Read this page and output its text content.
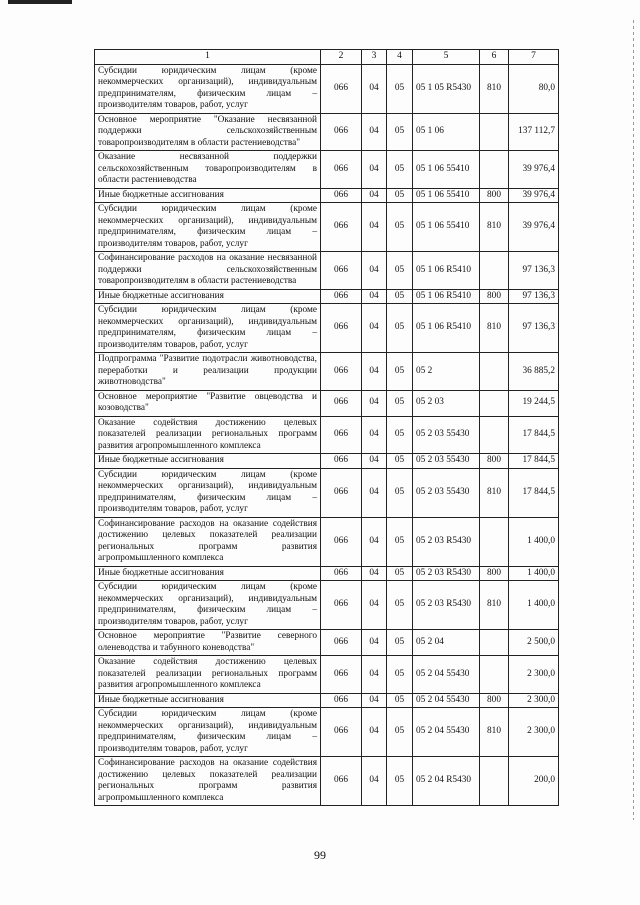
1	2	3	4	5	6	7
Субсидии юридическим лицам (кроме некоммерческих организаций), индивидуальным предпринимателям, физическим лицам – производителям товаров, работ, услуг	066	04	05	05 1 05 R5430	810	80,0
Основное мероприятие "Оказание несвязанной поддержки сельскохозяйственным товаропроизводителям в области растениеводства"	066	04	05	05 1 06		137 112,7
Оказание несвязанной поддержки сельскохозяйственным товаропроизводителям в области растениеводства	066	04	05	05 1 06 55410		39 976,4
Иные бюджетные ассигнования	066	04	05	05 1 06 55410	800	39 976,4
Субсидии юридическим лицам (кроме некоммерческих организаций), индивидуальным предпринимателям, физическим лицам – производителям товаров, работ, услуг	066	04	05	05 1 06 55410	810	39 976,4
Софинансирование расходов на оказание несвязанной поддержки сельскохозяйственным товаропроизводителям в области растениеводства	066	04	05	05 1 06 R5410		97 136,3
Иные бюджетные ассигнования	066	04	05	05 1 06 R5410	800	97 136,3
Субсидии юридическим лицам (кроме некоммерческих организаций), индивидуальным предпринимателям, физическим лицам – производителям товаров, работ, услуг	066	04	05	05 1 06 R5410	810	97 136,3
Подпрограмма "Развитие подотрасли животноводства, переработки и реализации продукции животноводства"	066	04	05	05 2		36 885,2
Основное мероприятие "Развитие овцеводства и козоводства"	066	04	05	05 2 03		19 244,5
Оказание содействия достижению целевых показателей реализации региональных программ развития агропромышленного комплекса	066	04	05	05 2 03 55430		17 844,5
Иные бюджетные ассигнования	066	04	05	05 2 03 55430	800	17 844,5
Субсидии юридическим лицам (кроме некоммерческих организаций), индивидуальным предпринимателям, физическим лицам – производителям товаров, работ, услуг	066	04	05	05 2 03 55430	810	17 844,5
Софинансирование расходов на оказание содействия достижению целевых показателей реализации региональных программ развития агропромышленного комплекса	066	04	05	05 2 03 R5430		1 400,0
Иные бюджетные ассигнования	066	04	05	05 2 03 R5430	800	1 400,0
Субсидии юридическим лицам (кроме некоммерческих организаций), индивидуальным предпринимателям, физическим лицам – производителям товаров, работ, услуг	066	04	05	05 2 03 R5430	810	1 400,0
Основное мероприятие "Развитие северного оленеводства и табунного коневодства"	066	04	05	05 2 04		2 500,0
Оказание содействия достижению целевых показателей реализации региональных программ развития агропромышленного комплекса	066	04	05	05 2 04 55430		2 300,0
Иные бюджетные ассигнования	066	04	05	05 2 04 55430	800	2 300,0
Субсидии юридическим лицам (кроме некоммерческих организаций), индивидуальным предпринимателям, физическим лицам – производителям товаров, работ, услуг	066	04	05	05 2 04 55430	810	2 300,0
Софинансирование расходов на оказание содействия достижению целевых показателей реализации региональных программ развития агропромышленного комплекса	066	04	05	05 2 04 R5430		200,0
99
